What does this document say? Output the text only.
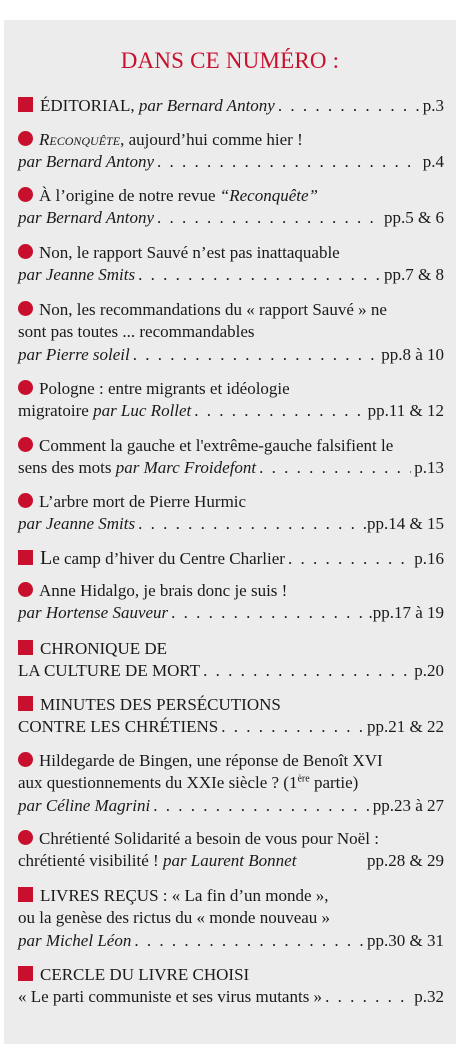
DANS CE NUMÉRO :
ÉDITORIAL, par Bernard Antony . . .	p.3
Reconquête, aujourd’hui comme hier !
par Bernard Antony . . .	p.4
À l’origine de notre revue “Reconquête”
par Bernard Antony . . .	pp.5 & 6
Non, le rapport Sauvé n’est pas inattaquable
par Jeanne Smits . . .	pp.7 & 8
Non, les recommandations du « rapport Sauvé » ne
sont pas toutes ... recommandables
par Pierre soleil . . .	pp.8 à 10
Pologne : entre migrants et idéologie
migratoire par Luc Rollet . . .	pp.11 & 12
Comment la gauche et l'extrême-gauche falsifient le
sens des mots par Marc Froidefont . . .	p.13
L’arbre mort de Pierre Hurmic
par Jeanne Smits . . .	.pp.14 & 15
Le camp d’hiver du Centre Charlier . . .	p.16
Anne Hidalgo, je brais donc je suis !
par Hortense Sauveur . . .	.pp.17 à 19
CHRONIQUE DE
LA CULTURE DE MORT . . .	p.20
MINUTES DES PERSÉCUTIONS
CONTRE LES CHRÉTIENS . . .	pp.21 & 22
Hildegarde de Bingen, une réponse de Benoît XVI
aux questionnements du XXIe siècle ? (1ère partie)
par Céline Magrini . . .	pp.23 à 27
Chrétienté Solidarité a besoin de vous pour Noël :
chrétienté visibilité ! par Laurent Bonnet	pp.28 & 29
LIVRES REÇUS : « La fin d’un monde »,
ou la genèse des rictus du « monde nouveau »
par Michel Léon . . .	pp.30 & 31
CERCLE DU LIVRE CHOISI
« Le parti communiste et ses virus mutants » . . .	p.32
